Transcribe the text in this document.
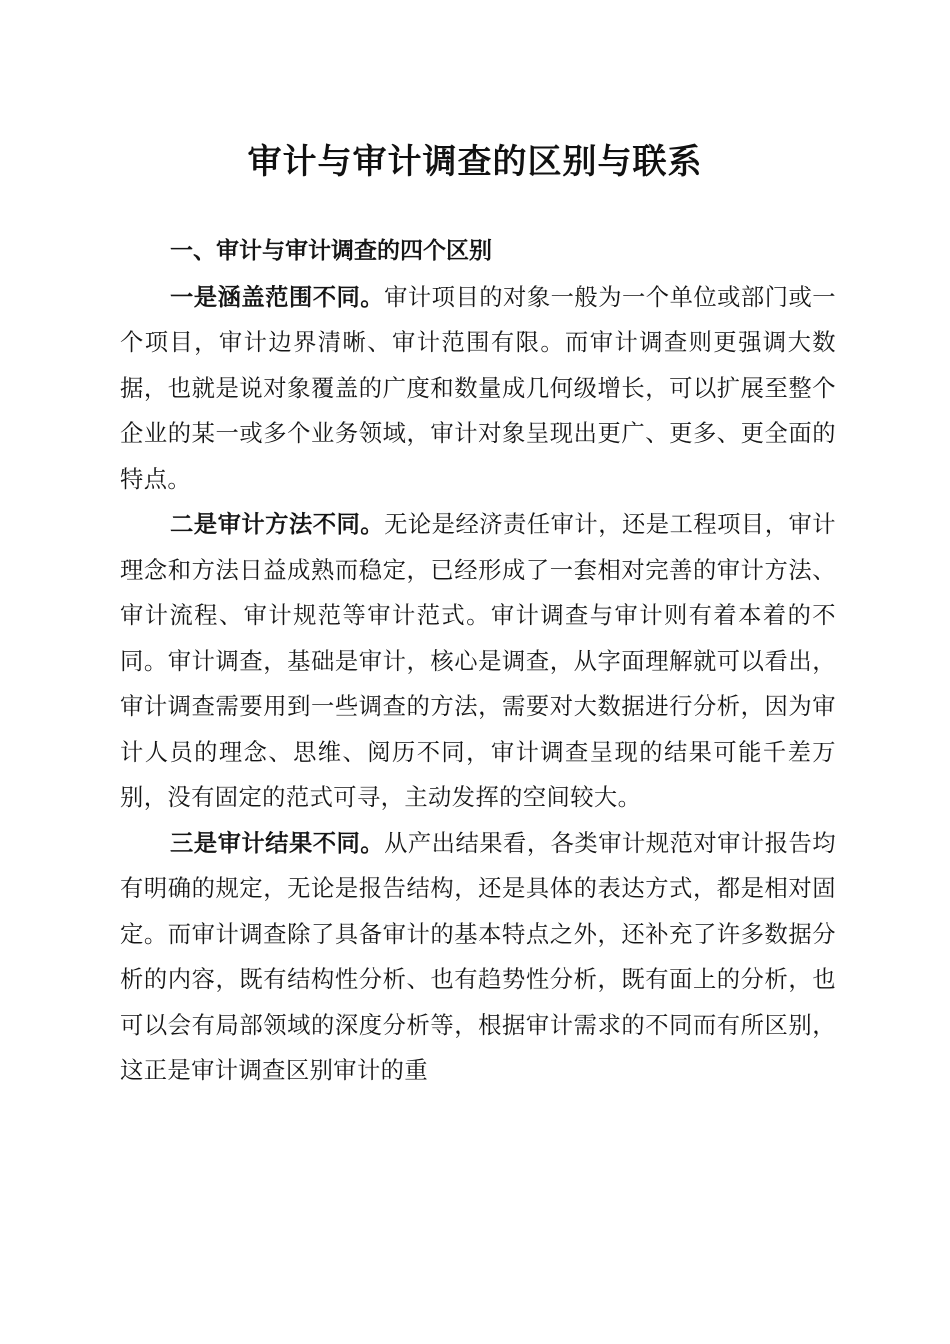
审计与审计调查的区别与联系
一、审计与审计调查的四个区别

一是涵盖范围不同。审计项目的对象一般为一个单位或部门或一个项目，审计边界清晰、审计范围有限。而审计调查则更强调大数据，也就是说对象覆盖的广度和数量成几何级增长，可以扩展至整个企业的某一或多个业务领域，审计对象呈现出更广、更多、更全面的特点。

二是审计方法不同。无论是经济责任审计，还是工程项目，审计理念和方法日益成熟而稳定，已经形成了一套相对完善的审计方法、审计流程、审计规范等审计范式。审计调查与审计则有着本着的不同。审计调查，基础是审计，核心是调查，从字面理解就可以看出，审计调查需要用到一些调查的方法，需要对大数据进行分析，因为审计人员的理念、思维、阅历不同，审计调查呈现的结果可能千差万别，没有固定的范式可寻，主动发挥的空间较大。

三是审计结果不同。从产出结果看，各类审计规范对审计报告均有明确的规定，无论是报告结构，还是具体的表达方式，都是相对固定。而审计调查除了具备审计的基本特点之外，还补充了许多数据分析的内容，既有结构性分析、也有趋势性分析，既有面上的分析，也可以会有局部领域的深度分析等，根据审计需求的不同而有所区别，这正是审计调查区别审计的重
